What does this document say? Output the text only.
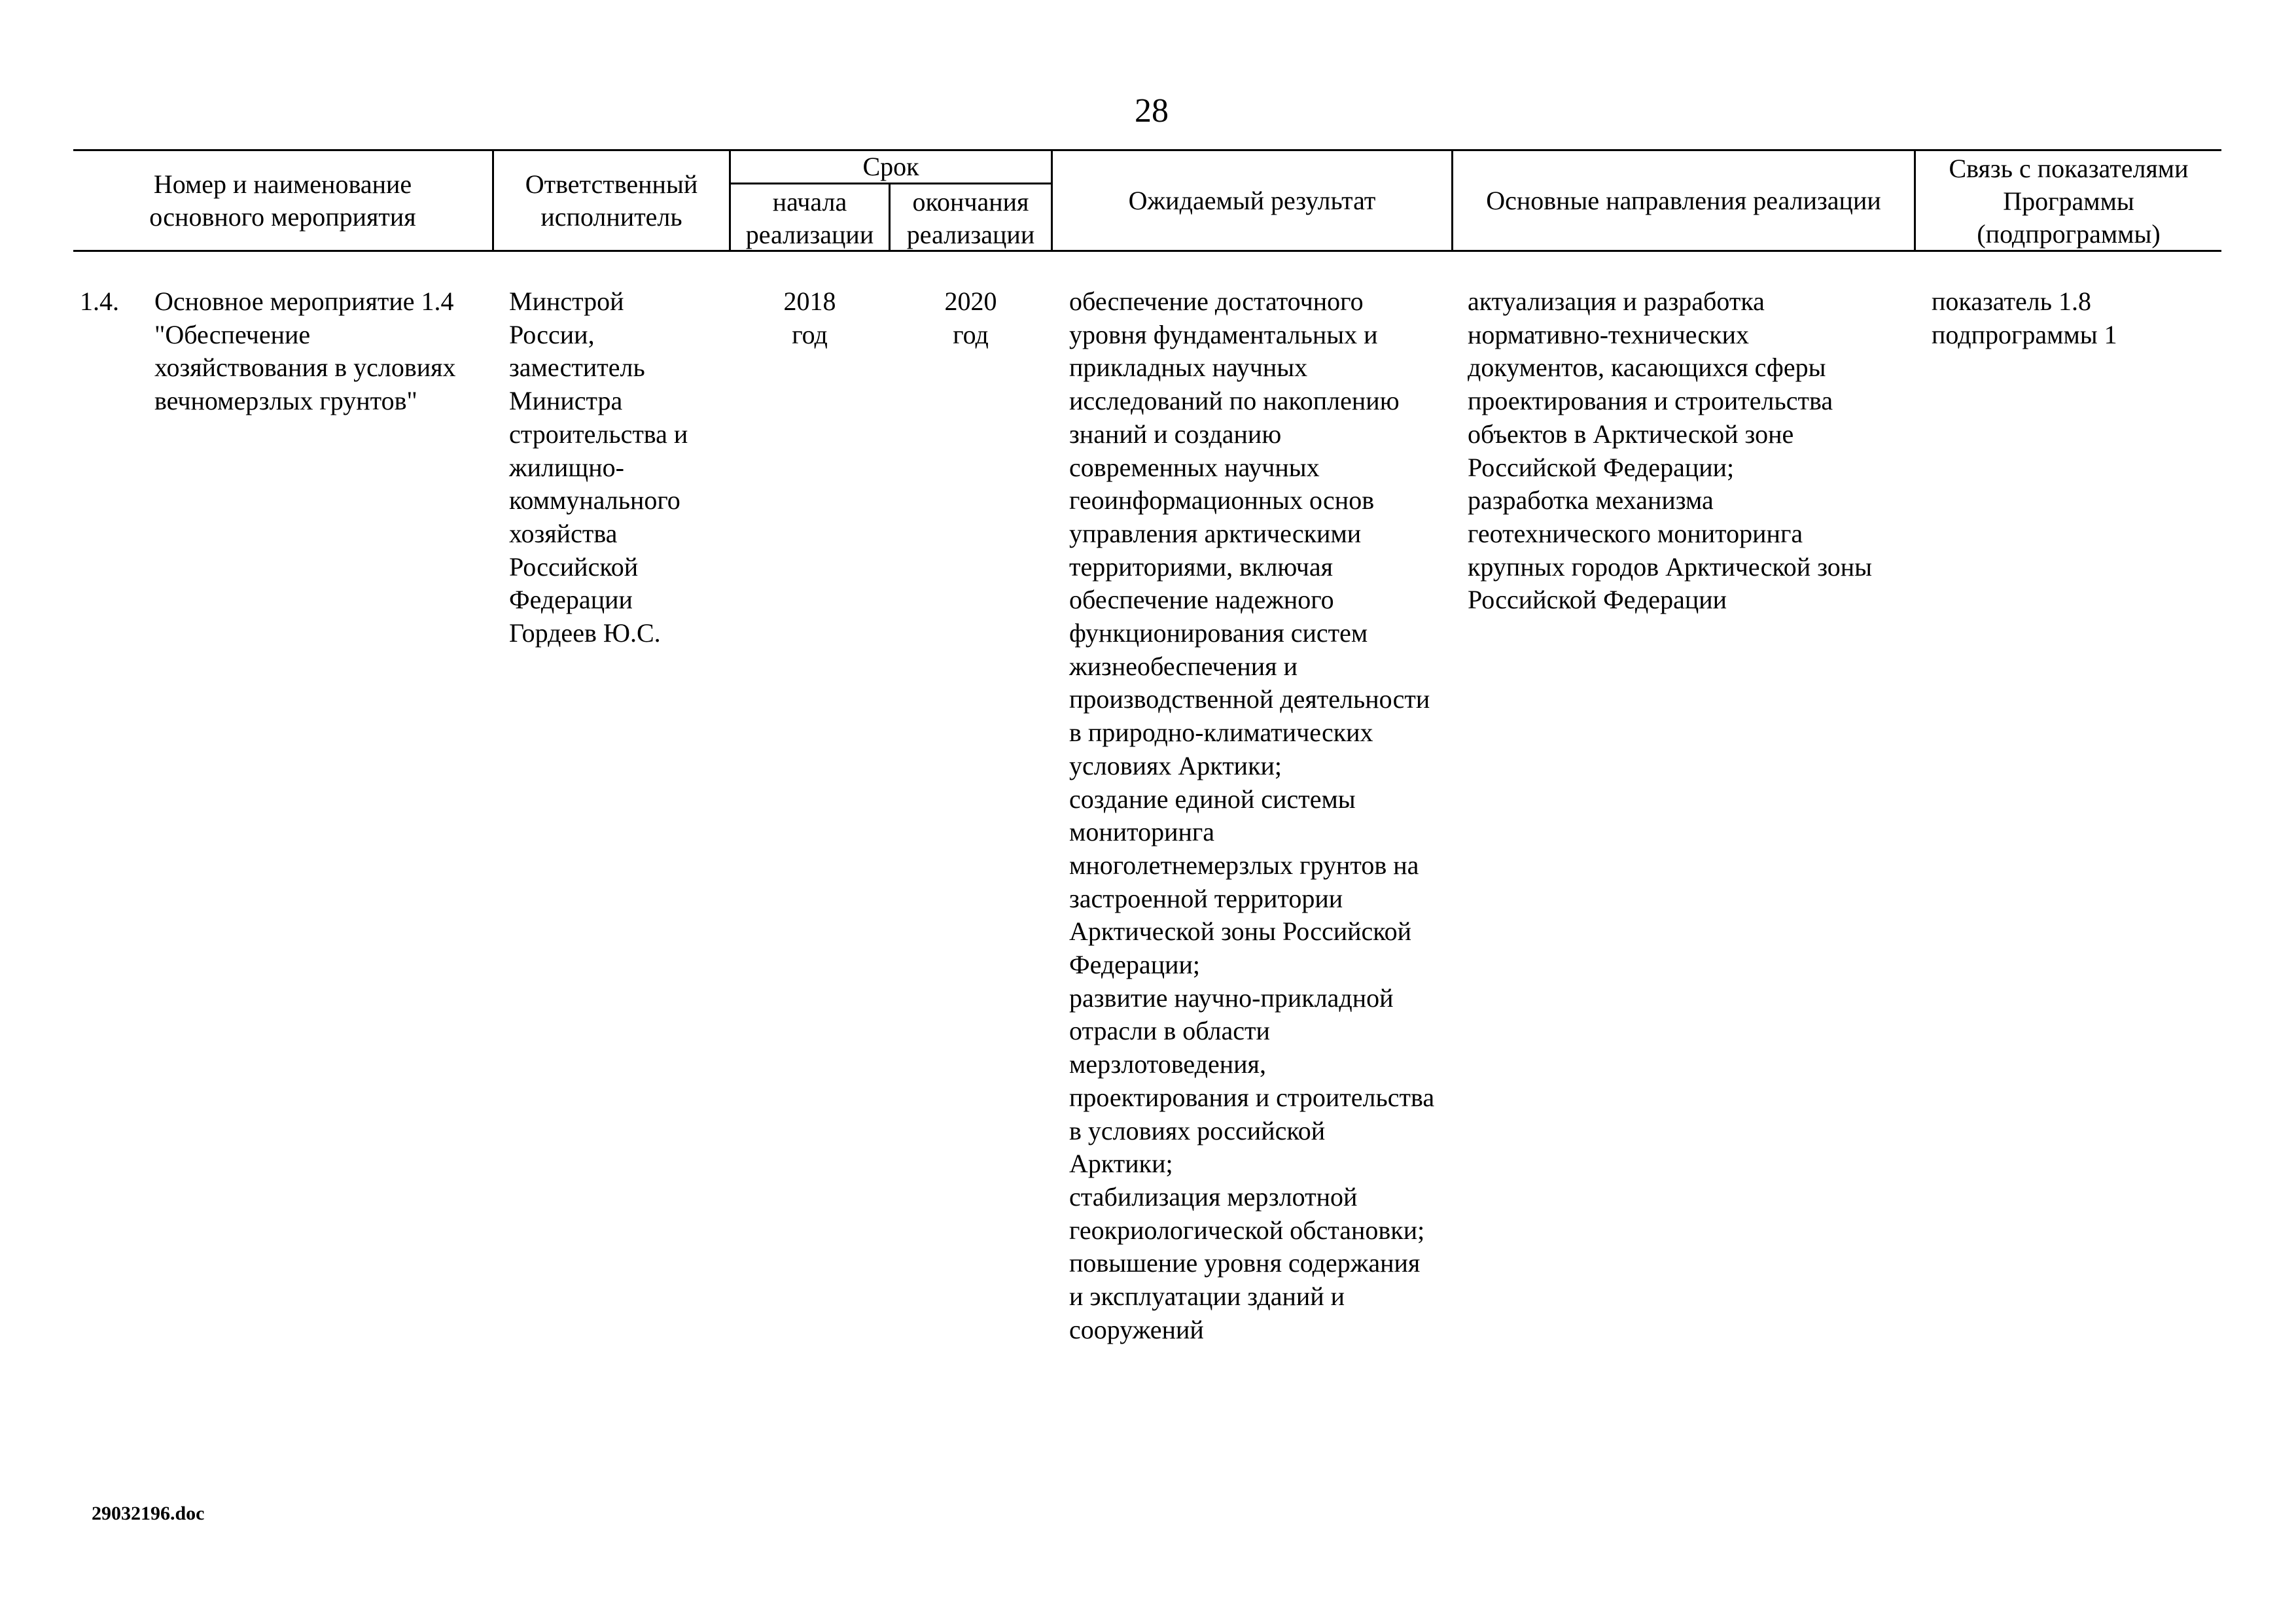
28
Номер и наименование
основного мероприятия
Ответственный
исполнитель
Срок
начала
реализации
окончания
реализации
Ожидаемый результат	Основные направления реализации
Связь с показателями
Программы
(подпрограммы)
1.4. Основное мероприятие 1.4
"Обеспечение
хозяйствования в условиях
вечномерзлых грунтов"
Минстрой
России,
заместитель
Министра
строительства и
жилищно-
коммунального
хозяйства
Российской
Федерации
Гордеев Ю.С.
2018
год
2020
год
обеспечение достаточного
уровня фундаментальных и
прикладных научных
исследований по накоплению
знаний и созданию
современных научных
геоинформационных основ
управления арктическими
территориями, включая
обеспечение надежного
функционирования систем
жизнеобеспечения и
производственной деятельности
в природно-климатических
условиях Арктики;
создание единой системы
мониторинга
многолетнемерзлых грунтов на
застроенной территории
Арктической зоны Российской
Федерации;
развитие научно-прикладной
отрасли в области
мерзлотоведения,
проектирования и строительства
в условиях российской
Арктики;
стабилизация мерзлотной
геокриологической обстановки;
повышение уровня содержания
и эксплуатации зданий и
сооружений
актуализация и разработка
нормативно-технических
документов, касающихся сферы
проектирования и строительства
объектов в Арктической зоне
Российской Федерации;
разработка механизма
геотехнического мониторинга
крупных городов Арктической зоны
Российской Федерации
показатель 1.8
подпрограммы 1
29032196.doc
